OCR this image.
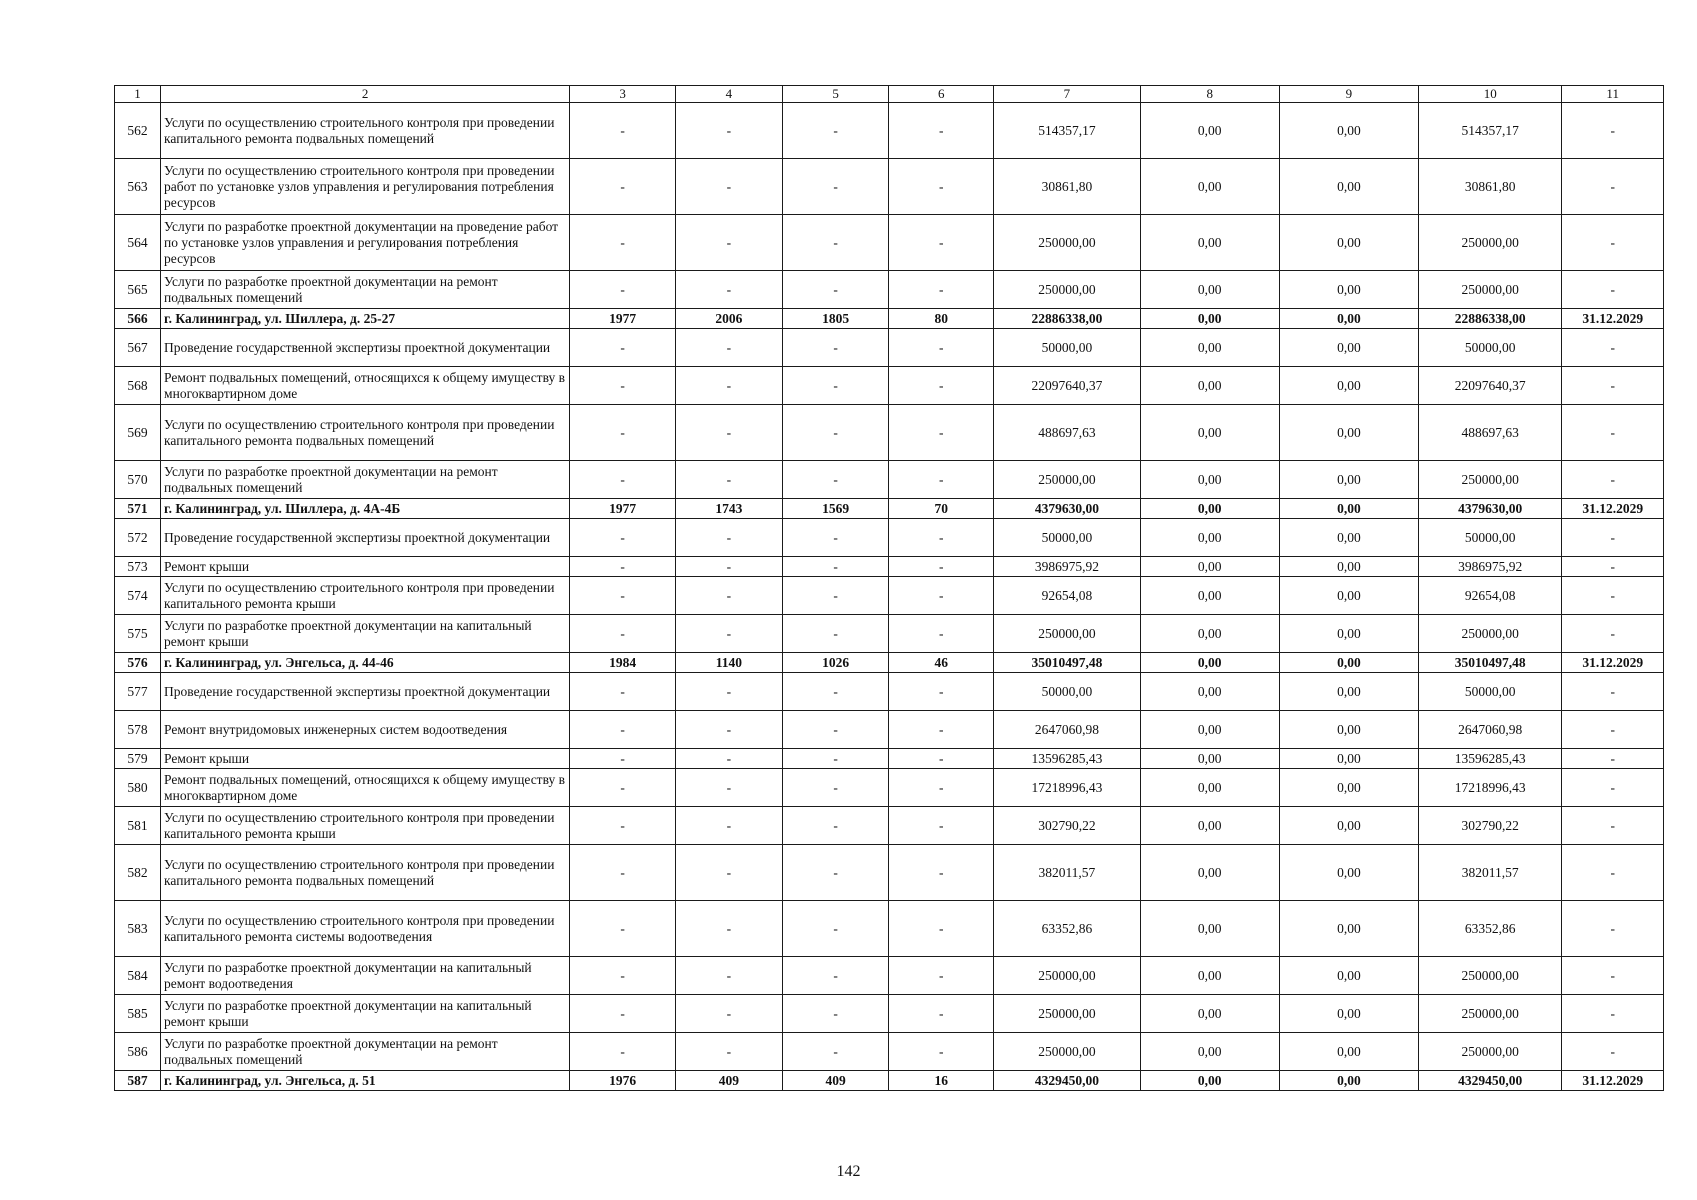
1	2	3	4	5	6	7	8	9	10	11
562	Услуги по осуществлению строительного контроля при проведении капитального ремонта подвальных помещений	-	-	-	-	514357,17	0,00	0,00	514357,17	-
563	Услуги по осуществлению строительного контроля при проведении работ по установке узлов управления и регулирования потребления ресурсов	-	-	-	-	30861,80	0,00	0,00	30861,80	-
564	Услуги по разработке проектной документации на проведение работ по установке узлов управления и регулирования потребления ресурсов	-	-	-	-	250000,00	0,00	0,00	250000,00	-
565	Услуги по разработке проектной документации на ремонт подвальных помещений	-	-	-	-	250000,00	0,00	0,00	250000,00	-
566	г. Калининград, ул. Шиллера, д. 25-27	1977	2006	1805	80	22886338,00	0,00	0,00	22886338,00	31.12.2029
567	Проведение государственной экспертизы проектной документации	-	-	-	-	50000,00	0,00	0,00	50000,00	-
568	Ремонт подвальных помещений, относящихся к общему имуществу в многоквартирном доме	-	-	-	-	22097640,37	0,00	0,00	22097640,37	-
569	Услуги по осуществлению строительного контроля при проведении капитального ремонта подвальных помещений	-	-	-	-	488697,63	0,00	0,00	488697,63	-
570	Услуги по разработке проектной документации на ремонт подвальных помещений	-	-	-	-	250000,00	0,00	0,00	250000,00	-
571	г. Калининград, ул. Шиллера, д. 4А-4Б	1977	1743	1569	70	4379630,00	0,00	0,00	4379630,00	31.12.2029
572	Проведение государственной экспертизы проектной документации	-	-	-	-	50000,00	0,00	0,00	50000,00	-
573	Ремонт крыши	-	-	-	-	3986975,92	0,00	0,00	3986975,92	-
574	Услуги по осуществлению строительного контроля при проведении капитального ремонта крыши	-	-	-	-	92654,08	0,00	0,00	92654,08	-
575	Услуги по разработке проектной документации на капитальный ремонт крыши	-	-	-	-	250000,00	0,00	0,00	250000,00	-
576	г. Калининград, ул. Энгельса, д. 44-46	1984	1140	1026	46	35010497,48	0,00	0,00	35010497,48	31.12.2029
577	Проведение государственной экспертизы проектной документации	-	-	-	-	50000,00	0,00	0,00	50000,00	-
578	Ремонт внутридомовых инженерных систем водоотведения	-	-	-	-	2647060,98	0,00	0,00	2647060,98	-
579	Ремонт крыши	-	-	-	-	13596285,43	0,00	0,00	13596285,43	-
580	Ремонт подвальных помещений, относящихся к общему имуществу в многоквартирном доме	-	-	-	-	17218996,43	0,00	0,00	17218996,43	-
581	Услуги по осуществлению строительного контроля при проведении капитального ремонта крыши	-	-	-	-	302790,22	0,00	0,00	302790,22	-
582	Услуги по осуществлению строительного контроля при проведении капитального ремонта подвальных помещений	-	-	-	-	382011,57	0,00	0,00	382011,57	-
583	Услуги по осуществлению строительного контроля при проведении капитального ремонта системы водоотведения	-	-	-	-	63352,86	0,00	0,00	63352,86	-
584	Услуги по разработке проектной документации на капитальный ремонт водоотведения	-	-	-	-	250000,00	0,00	0,00	250000,00	-
585	Услуги по разработке проектной документации на капитальный ремонт крыши	-	-	-	-	250000,00	0,00	0,00	250000,00	-
586	Услуги по разработке проектной документации на ремонт подвальных помещений	-	-	-	-	250000,00	0,00	0,00	250000,00	-
587	г. Калининград, ул. Энгельса, д. 51	1976	409	409	16	4329450,00	0,00	0,00	4329450,00	31.12.2029
142
